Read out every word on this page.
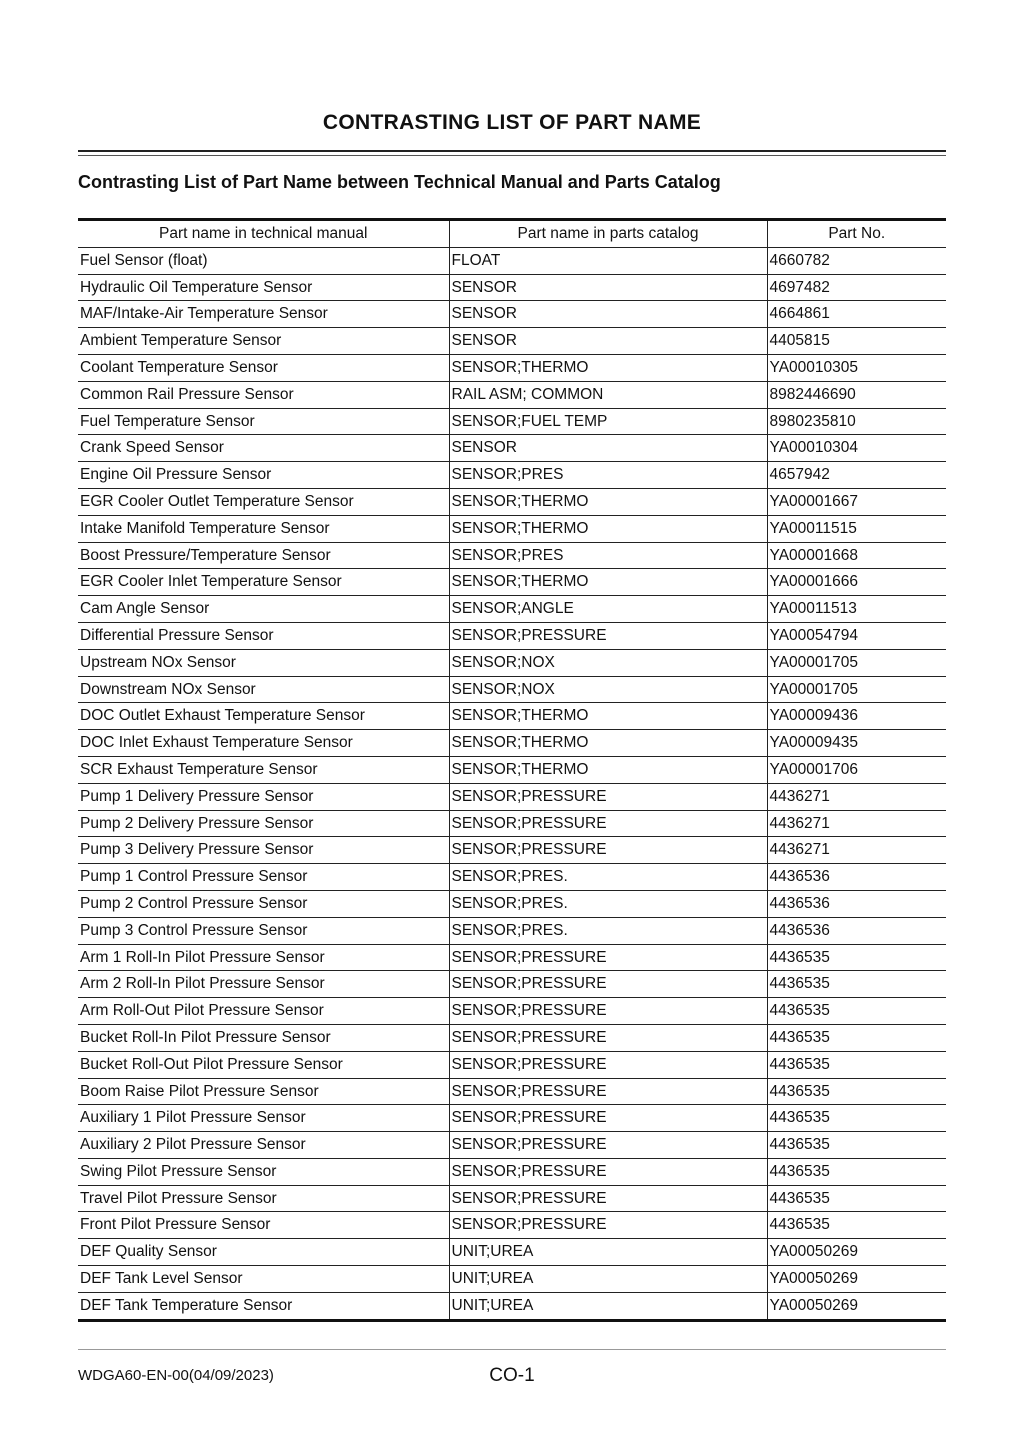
CONTRASTING LIST OF PART NAME
Contrasting List of Part Name between Technical Manual and Parts Catalog
Part name in technical manual	Part name in parts catalog	Part No.
Fuel Sensor (float)	FLOAT	4660782
Hydraulic Oil Temperature Sensor	SENSOR	4697482
MAF/Intake-Air Temperature Sensor	SENSOR	4664861
Ambient Temperature Sensor	SENSOR	4405815
Coolant Temperature Sensor	SENSOR;THERMO	YA00010305
Common Rail Pressure Sensor	RAIL ASM; COMMON	8982446690
Fuel Temperature Sensor	SENSOR;FUEL TEMP	8980235810
Crank Speed Sensor	SENSOR	YA00010304
Engine Oil Pressure Sensor	SENSOR;PRES	4657942
EGR Cooler Outlet Temperature Sensor	SENSOR;THERMO	YA00001667
Intake Manifold Temperature Sensor	SENSOR;THERMO	YA00011515
Boost Pressure/Temperature Sensor	SENSOR;PRES	YA00001668
EGR Cooler Inlet Temperature Sensor	SENSOR;THERMO	YA00001666
Cam Angle Sensor	SENSOR;ANGLE	YA00011513
Differential Pressure Sensor	SENSOR;PRESSURE	YA00054794
Upstream NOx Sensor	SENSOR;NOX	YA00001705
Downstream NOx Sensor	SENSOR;NOX	YA00001705
DOC Outlet Exhaust Temperature Sensor	SENSOR;THERMO	YA00009436
DOC Inlet Exhaust Temperature Sensor	SENSOR;THERMO	YA00009435
SCR Exhaust Temperature Sensor	SENSOR;THERMO	YA00001706
Pump 1 Delivery Pressure Sensor	SENSOR;PRESSURE	4436271
Pump 2 Delivery Pressure Sensor	SENSOR;PRESSURE	4436271
Pump 3 Delivery Pressure Sensor	SENSOR;PRESSURE	4436271
Pump 1 Control Pressure Sensor	SENSOR;PRES.	4436536
Pump 2 Control Pressure Sensor	SENSOR;PRES.	4436536
Pump 3 Control Pressure Sensor	SENSOR;PRES.	4436536
Arm 1 Roll-In Pilot Pressure Sensor	SENSOR;PRESSURE	4436535
Arm 2 Roll-In Pilot Pressure Sensor	SENSOR;PRESSURE	4436535
Arm Roll-Out Pilot Pressure Sensor	SENSOR;PRESSURE	4436535
Bucket Roll-In Pilot Pressure Sensor	SENSOR;PRESSURE	4436535
Bucket Roll-Out Pilot Pressure Sensor	SENSOR;PRESSURE	4436535
Boom Raise Pilot Pressure Sensor	SENSOR;PRESSURE	4436535
Auxiliary 1 Pilot Pressure Sensor	SENSOR;PRESSURE	4436535
Auxiliary 2 Pilot Pressure Sensor	SENSOR;PRESSURE	4436535
Swing Pilot Pressure Sensor	SENSOR;PRESSURE	4436535
Travel Pilot Pressure Sensor	SENSOR;PRESSURE	4436535
Front Pilot Pressure Sensor	SENSOR;PRESSURE	4436535
DEF Quality Sensor	UNIT;UREA	YA00050269
DEF Tank Level Sensor	UNIT;UREA	YA00050269
DEF Tank Temperature Sensor	UNIT;UREA	YA00050269
WDGA60-EN-00(04/09/2023)	CO-1
